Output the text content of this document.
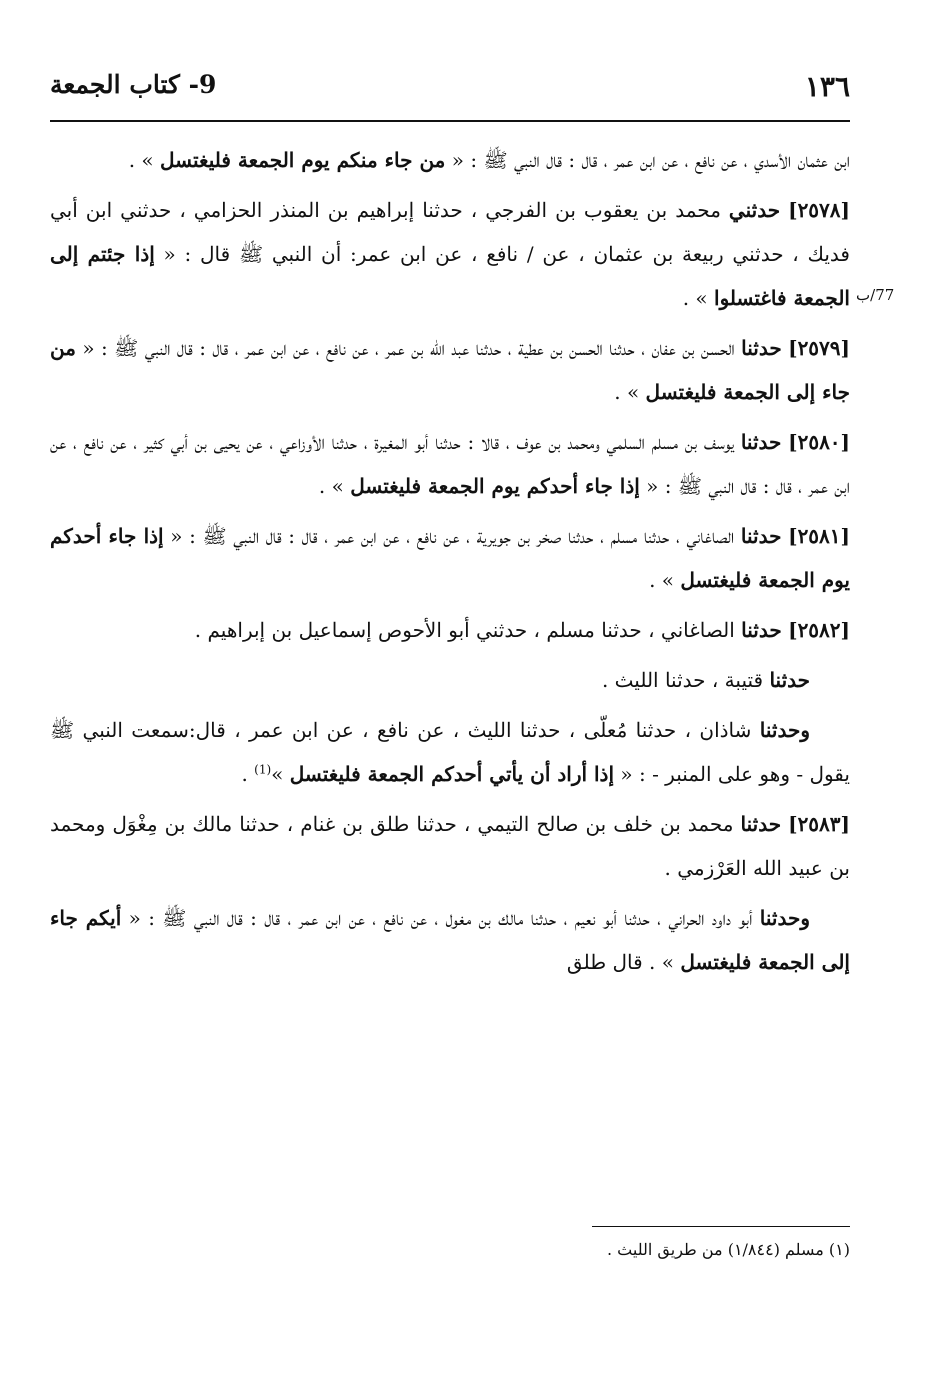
١٣٦
9- كتاب الجمعة
77/ب

ابن عثمان الأسدي ، عن نافع ، عن ابن عمر ، قال : قال النبي ﷺ : « من جاء منكم يوم الجمعة فليغتسل » .

[٢٥٧٨] حدثني محمد بن يعقوب بن الفرجي ، حدثنا إبراهيم بن المنذر الحزامي ، حدثني ابن أبي فديك ، حدثني ربيعة بن عثمان ، عن / نافع ، عن ابن عمر: أن النبي ﷺ قال : « إذا جئتم إلى الجمعة فاغتسلوا » .

[٢٥٧٩] حدثنا الحسن بن عفان ، حدثنا الحسن بن عطية ، حدثنا عبد الله بن عمر ، عن نافع ، عن ابن عمر ، قال : قال النبي ﷺ : « من جاء إلى الجمعة فليغتسل » .

[٢٥٨٠] حدثنا يوسف بن مسلم السلمي ومحمد بن عوف ، قالا : حدثنا أبو المغيرة ، حدثنا الأوزاعي ، عن يحيى بن أبي كثير ، عن نافع ، عن ابن عمر ، قال : قال النبي ﷺ : « إذا جاء أحدكم يوم الجمعة فليغتسل » .

[٢٥٨١] حدثنا الصاغاني ، حدثنا مسلم ، حدثنا صخر بن جويرية ، عن نافع ، عن ابن عمر ، قال : قال النبي ﷺ : « إذا جاء أحدكم يوم الجمعة فليغتسل » .

[٢٥٨٢] حدثنا الصاغاني ، حدثنا مسلم ، حدثني أبو الأحوص إسماعيل بن إبراهيم .

حدثنا قتيبة ، حدثنا الليث .

وحدثنا شاذان ، حدثنا مُعلّى ، حدثنا الليث ، عن نافع ، عن ابن عمر ، قال:سمعت النبي ﷺ يقول - وهو على المنبر - : « إذا أراد أن يأتي أحدكم الجمعة فليغتسل »$^{(1)}$ .

[٢٥٨٣] حدثنا محمد بن خلف بن صالح التيمي ، حدثنا طلق بن غنام ، حدثنا مالك بن مِغْوَل ومحمد بن عبيد الله العَرْزمي .

وحدثنا أبو داود الحراني ، حدثنا أبو نعيم ، حدثنا مالك بن مغول ، عن نافع ، عن ابن عمر ، قال : قال النبي ﷺ : « أيكم جاء إلى الجمعة فليغتسل » . قال طلق

(١) مسلم (١/٨٤٤) من طريق الليث .
